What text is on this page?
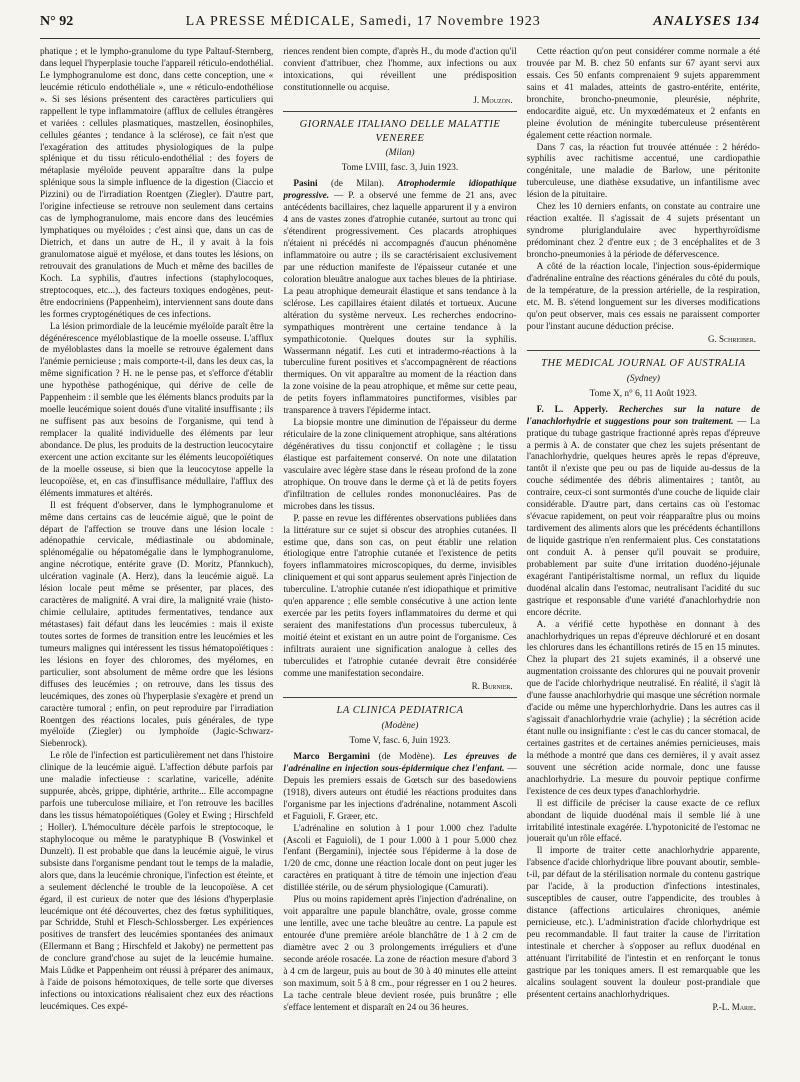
N° 92	LA PRESSE MÉDICALE, Samedi, 17 Novembre 1923	ANALYSES 134

phatique ; et le lympho-granulome du type Paltauf-Sternberg, dans lequel l'hyperplasie touche l'appareil réticulo-endothélial. Le lymphogranulome est donc, dans cette conception, une « leucémie réticulo endothéliale », une « réticulo-endothéliose ». Si ses lésions présentent des caractères particuliers qui rappellent le type inflammatoire (afflux de cellules étrangères et variées : cellules plasmatiques, mastzellen, éosinophiles, cellules géantes ; tendance à la sclérose), ce fait n'est que l'exagération des attitudes physiologiques de la pulpe splénique et du tissu réticulo-endothélial : des foyers de métaplasie myéloïde peuvent apparaître dans la pulpe splénique sous la simple influence de la digestion (Ciaccio et Pizzini) ou de l'irradiation Roentgen (Ziegler). D'autre part, l'origine infectieuse se retrouve non seulement dans certains cas de lymphogranulome, mais encore dans des leucémies lymphatiques ou myéloïdes ; c'est ainsi que, dans un cas de Dietrich, et dans un autre de H., il y avait à la fois granulomatose aiguë et myélose, et dans toutes les lésions, on retrouvait des granulations de Much et même des bacilles de Koch. La syphilis, d'autres infections (staphylocoques, streptocoques, etc...), des facteurs toxiques endogènes, peut-être endocriniens (Pappenheim), interviennent sans doute dans les formes cryptogénétiques de ces infections.

La lésion primordiale de la leucémie myéloïde paraît être la dégénérescence myéloblastique de la moelle osseuse. L'afflux de myéloblastes dans la moelle se retrouve également dans l'anémie pernicieuse ; mais comporte-t-il, dans les deux cas, la même signification ? H. ne le pense pas, et s'efforce d'établir une hypothèse pathogénique, qui dérive de celle de Pappenheim : il semble que les éléments blancs produits par la moelle leucémique soient doués d'une vitalité insuffisante ; ils ne suffisent pas aux besoins de l'organisme, qui tend à remplacer la qualité individuelle des éléments par leur abondance. De plus, les produits de la destruction leucocytaire exercent une action excitante sur les éléments leucopoïétiques de la moelle osseuse, si bien que la leucocytose appelle la leucopoïèse, et, en cas d'insuffisance médullaire, l'afflux des éléments immatures et altérés.

Il est fréquent d'observer, dans le lymphogranulome et même dans certains cas de leucémie aiguë, que le point de départ de l'affection se trouve dans une lésion locale : adénopathie cervicale, médiastinale ou abdominale, splénomégalie ou hépatomégalie dans le lymphogranulome, angine nécrotique, entérite grave (D. Moritz, Pfannkuch), ulcération vaginale (A. Herz), dans la leucémie aiguë. La lésion locale peut même se présenter, par places, des caractères de malignité. A vrai dire, la malignité vraie (histo-chimie cellulaire, aptitudes fermentatives, tendance aux métastases) fait défaut dans les leucémies : mais il existe toutes sortes de formes de transition entre les leucémies et les tumeurs malignes qui intéressent les tissus hématopoïétiques : les lésions en foyer des chloromes, des myélomes, en particulier, sont absolument de même ordre que les lésions diffuses des leucémies ; on retrouve, dans les tissus des leucémiques, des zones où l'hyperplasie s'exagère et prend un caractère tumoral ; enfin, on peut reproduire par l'irradiation Roentgen des réactions locales, puis générales, de type myéloïde (Ziegler) ou lymphoïde (Jagic-Schwarz-Siebenrock).

Le rôle de l'infection est particulièrement net dans l'histoire clinique de la leucémie aiguë. L'affection débute parfois par une maladie infectieuse : scarlatine, varicelle, adénite suppurée, abcès, grippe, diphtérie, arthrite... Elle accompagne parfois une tuberculose miliaire, et l'on retrouve les bacilles dans les tissus hématopoïétiques (Goley et Ewing ; Hirschfeld ; Holler). L'hémoculture décèle parfois le streptocoque, le staphylocoque ou même le paratyphique B (Voswinkel et Dunzelt). Il est probable que dans la leucémie aiguë, le virus subsiste dans l'organisme pendant tout le temps de la maladie, alors que, dans la leucémie chronique, l'infection est éteinte, et a seulement déclenché le trouble de la leucopoïèse. A cet égard, il est curieux de noter que des lésions d'hyperplasie leucémique ont été découvertes, chez des fœtus syphilitiques, par Schridde, Stuhl et Flesch-Schlossberger. Les expériences positives de transfert des leucémies spontanées des animaux (Ellermann et Bang ; Hirschfeld et Jakoby) ne permettent pas de conclure grand'chose au sujet de la leucémie humaine. Mais Lüdke et Pappenheim ont réussi à préparer des animaux, à l'aide de poisons hémotoxiques, de telle sorte que diverses infections ou intoxications réalisaient chez eux des réactions leucémiques. Ces expé-

riences rendent bien compte, d'après H., du mode d'action qu'il convient d'attribuer, chez l'homme, aux infections ou aux intoxications, qui réveillent une prédisposition constitutionnelle ou acquise.

J. Mouzon.
GIORNALE ITALIANO DELLE MALATTIE VENEREE
(Milan)
Tome LVIII, fasc. 3, Juin 1923.

Pasini (de Milan). Atrophodermie idiopathique progressive. — P. a observé une femme de 21 ans, avec antécédents bacillaires, chez laquelle apparurent il y a environ 4 ans de vastes zones d'atrophie cutanée, surtout au tronc qui s'étendirent progressivement. Ces placards atrophiques n'étaient ni précédés ni accompagnés d'aucun phénomène inflammatoire ou autre ; ils se caractérisaient exclusivement par une réduction manifeste de l'épaisseur cutanée et une coloration bleuâtre analogue aux taches bleues de la phtiriase. La peau atrophique demeurait élastique et sans tendance à la sclérose. Les capillaires étaient dilatés et tortueux. Aucune altération du système nerveux. Les recherches endocrino-sympathiques montrèrent une certaine tendance à la sympathicotonie. Quelques doutes sur la syphilis. Wassermann négatif. Les cuti et intradermo-réactions à la tuberculine furent positives et s'accompagnèrent de réactions thermiques. On vit apparaître au moment de la réaction dans la zone voisine de la peau atrophique, et même sur cette peau, de petits foyers inflammatoires punctiformes, visibles par transparence à travers l'épiderme intact.

La biopsie montre une diminution de l'épaisseur du derme réticulaire de la zone cliniquement atrophique, sans altérations dégénératives du tissu conjonctif et collagène ; le tissu élastique est parfaitement conservé. On note une dilatation vasculaire avec légère stase dans le réseau profond de la zone atrophique. On trouve dans le derme çà et là de petits foyers d'infiltration de cellules rondes mononucléaires. Pas de microbes dans les tissus.

P. passe en revue les différentes observations publiées dans la littérature sur ce sujet si obscur des atrophies cutanées. Il estime que, dans son cas, on peut établir une relation étiologique entre l'atrophie cutanée et l'existence de petits foyers inflammatoires microscopiques, du derme, invisibles cliniquement et qui sont apparus seulement après l'injection de tuberculine. L'atrophie cutanée n'est idiopathique et primitive qu'en apparence ; elle semble consécutive à une action lente exercée par les petits foyers inflammatoires du derme et qui seraient des manifestations d'un processus tuberculeux, à moitié éteint et existant en un autre point de l'organisme. Ces infiltrats auraient une signification analogue à celles des tuberculides et l'atrophie cutanée devrait être considérée comme une manifestation secondaire.

R. Burnier.
LA CLINICA PEDIATRICA
(Modène)
Tome V, fasc. 6, Juin 1923.

Marco Bergamini (de Modène). Les épreuves de l'adrénaline en injection sous-épidermique chez l'enfant. — Depuis les premiers essais de Gœtsch sur des basedowiens (1918), divers auteurs ont étudié les réactions produites dans l'organisme par les injections d'adrénaline, notamment Ascoli et Faguioli, F. Græer, etc.

L'adrénaline en solution à 1 pour 1.000 chez l'adulte (Ascoli et Faguioli), de 1 pour 1.000 à 1 pour 5.000 chez l'enfant (Bergamini), injectée sous l'épiderme à la dose de 1/20 de cmc, donne une réaction locale dont on peut juger les caractères en pratiquant à titre de témoin une injection d'eau distillée stérile, ou de sérum physiologique (Camurati).

Plus ou moins rapidement après l'injection d'adrénaline, on voit apparaître une papule blanchâtre, ovale, grosse comme une lentille, avec une tache bleuâtre au centre. La papule est entourée d'une première aréole blanchâtre de 1 à 2 cm de diamètre avec 2 ou 3 prolongements irréguliers et d'une seconde aréole rosacée. La zone de réaction mesure d'abord 3 à 4 cm de largeur, puis au bout de 30 à 40 minutes elle atteint son maximum, soit 5 à 8 cm., pour régresser en 1 ou 2 heures. La tache centrale bleue devient rosée, puis brunâtre ; elle s'efface lentement et disparaît en 24 ou 36 heures.

Cette réaction qu'on peut considérer comme normale a été trouvée par M. B. chez 50 enfants sur 67 ayant servi aux essais. Ces 50 enfants comprenaient 9 sujets apparemment sains et 41 malades, atteints de gastro-entérite, entérite, bronchite, broncho-pneumonie, pleurésie, néphrite, endocardite aiguë, etc. Un myxœdémateux et 2 enfants en pleine évolution de méningite tuberculeuse présentèrent également cette réaction normale.

Dans 7 cas, la réaction fut trouvée atténuée : 2 hérédo-syphilis avec rachitisme accentué, une cardiopathie congénitale, une maladie de Barlow, une péritonite tuberculeuse, une diathèse exsudative, un infantilisme avec lésion de la pituitaire.

Chez les 10 derniers enfants, on constate au contraire une réaction exaltée. Il s'agissait de 4 sujets présentant un syndrome pluriglandulaire avec hyperthyroïdisme prédominant chez 2 d'entre eux ; de 3 encéphalites et de 3 broncho-pneumonies à la période de défervescence.

A côté de la réaction locale, l'injection sous-épidermique d'adrénaline entraîne des réactions générales du côté du pouls, de la température, de la pression artérielle, de la respiration, etc. M. B. s'étend longuement sur les diverses modifications qu'on peut observer, mais ces essais ne paraissent comporter pour l'instant aucune déduction précise.

G. Schreiber.
THE MEDICAL JOURNAL OF AUSTRALIA
(Sydney)
Tome X, n° 6, 11 Août 1923.

F. L. Apperly. Recherches sur la nature de l'anachlorhydrie et suggestions pour son traitement. — La pratique du tubage gastrique fractionné après repas d'épreuve a permis à A. de constater que chez les sujets présentant de l'anachlorhydrie, quelques heures après le repas d'épreuve, tantôt il n'existe que peu ou pas de liquide au-dessus de la couche sédimentée des débris alimentaires ; tantôt, au contraire, ceux-ci sont surmontés d'une couche de liquide clair considérable. D'autre part, dans certains cas où l'estomac s'évacue rapidement, on peut voir réapparaître plus ou moins tardivement des aliments alors que les précédents échantillons de liquide gastrique n'en renfermaient plus. Ces constatations ont conduit A. à penser qu'il pouvait se produire, probablement par suite d'une irritation duodéno-jéjunale exagérant l'antipéristaltisme normal, un reflux du liquide duodénal alcalin dans l'estomac, neutralisant l'acidité du suc gastrique et responsable d'une variété d'anachlorhydrie non encore décrite.

A. a vérifié cette hypothèse en donnant à des anachlorhydriques un repas d'épreuve déchloruré et en dosant les chlorures dans les échantillons retirés de 15 en 15 minutes. Chez la plupart des 21 sujets examinés, il a observé une augmentation croissante des chlorures qui ne pouvait provenir que de l'acide chlorhydrique neutralisé. En réalité, il s'agit là d'une fausse anachlorhydrie qui masque une sécrétion normale d'acide ou même une hyperchlorhydrie. Dans les autres cas il s'agissait d'anachlorhydrie vraie (achylie) ; la sécrétion acide étant nulle ou insignifiante : c'est le cas du cancer stomacal, de certaines gastrites et de certaines anémies pernicieuses, mais la méthode a montré que dans ces dernières, il y avait assez souvent une sécrétion acide normale, donc une fausse anachlorhydrie. La mesure du pouvoir peptique confirme l'existence de ces deux types d'anachlorhydrie.

Il est difficile de préciser la cause exacte de ce reflux abondant de liquide duodénal mais il semble lié à une irritabilité intestinale exagérée. L'hypotonicité de l'estomac ne jouerait qu'un rôle effacé.

Il importe de traiter cette anachlorhydrie apparente, l'absence d'acide chlorhydrique libre pouvant aboutir, semble-t-il, par défaut de la stérilisation normale du contenu gastrique par l'acide, à la production d'infections intestinales, susceptibles de causer, outre l'appendicite, des troubles à distance (affections articulaires chroniques, anémie pernicieuse, etc.). L'administration d'acide chlorhydrique est peu recommandable. Il faut traiter la cause de l'irritation intestinale et chercher à s'opposer au reflux duodénal en atténuant l'irritabilité de l'intestin et en renforçant le tonus gastrique par les toniques amers. Il est remarquable que les alcalins soulagent souvent la douleur post-prandiale que présentent certains anachlorhydriques.

P.-L. Marie.
